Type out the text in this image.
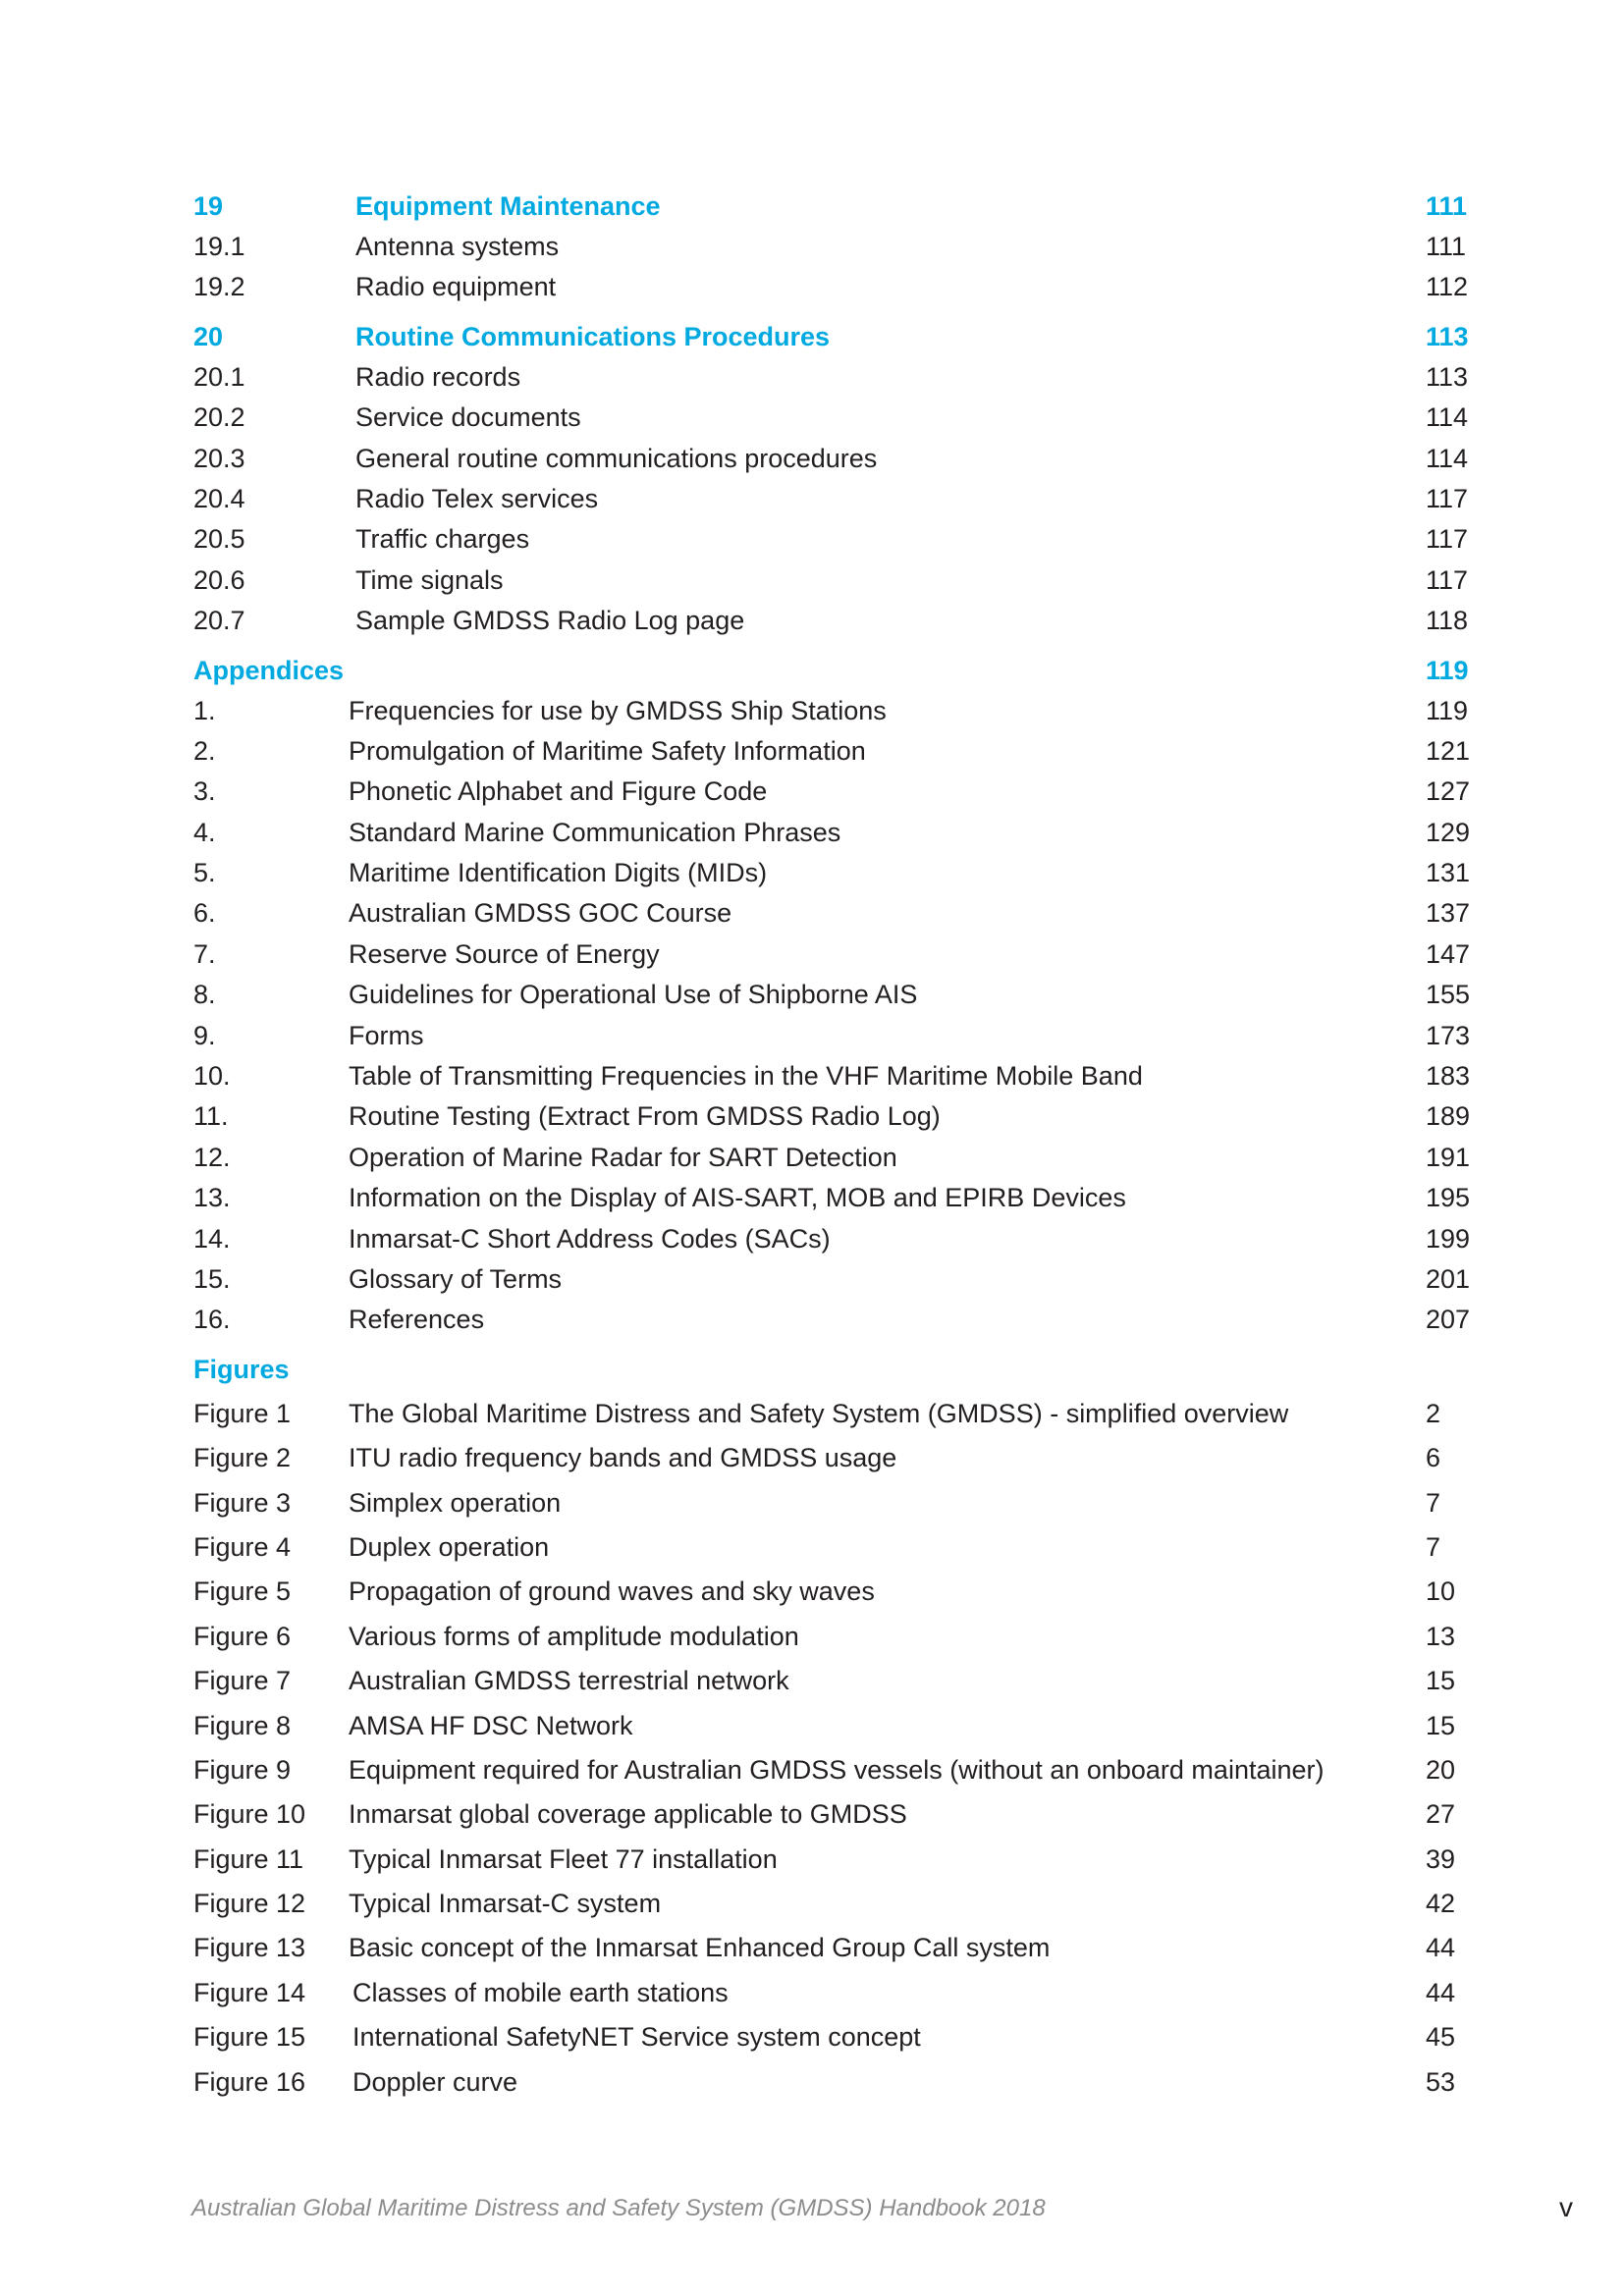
19	Equipment Maintenance	111
19.1	Antenna systems	111
19.2	Radio equipment	112
20	Routine Communications Procedures	113
20.1	Radio records	113
20.2	Service documents	114
20.3	General routine communications procedures	114
20.4	Radio Telex services	117
20.5	Traffic charges	117
20.6	Time signals	117
20.7	Sample GMDSS Radio Log page	118
Appendices	119
1.	Frequencies for use by GMDSS Ship Stations	119
2.	Promulgation of Maritime Safety Information	121
3.	Phonetic Alphabet and Figure Code	127
4.	Standard Marine Communication Phrases	129
5.	Maritime Identification Digits (MIDs)	131
6.	Australian GMDSS GOC Course	137
7.	Reserve Source of Energy	147
8.	Guidelines for Operational Use of Shipborne AIS	155
9.	Forms	173
10.	Table of Transmitting Frequencies in the VHF Maritime Mobile Band	183
11.	Routine Testing (Extract From GMDSS Radio Log)	189
12.	Operation of Marine Radar for SART Detection	191
13.	Information on the Display of AIS-SART, MOB and EPIRB Devices	195
14.	Inmarsat-C Short Address Codes (SACs)	199
15.	Glossary of Terms	201
16.	References	207
Figures
Figure 1	The Global Maritime Distress and Safety System (GMDSS) - simplified overview	2
Figure 2	ITU radio frequency bands and GMDSS usage	6
Figure 3	Simplex operation	7
Figure 4	Duplex operation	7
Figure 5	Propagation of ground waves and sky waves	10
Figure 6	Various forms of amplitude modulation	13
Figure 7	Australian GMDSS terrestrial network	15
Figure 8	AMSA HF DSC Network	15
Figure 9	Equipment required for Australian GMDSS vessels (without an onboard maintainer)	20
Figure 10	Inmarsat global coverage applicable to GMDSS	27
Figure 11	Typical Inmarsat Fleet 77 installation	39
Figure 12	Typical Inmarsat-C system	42
Figure 13	Basic concept of the Inmarsat Enhanced Group Call system	44
Figure 14	Classes of mobile earth stations	44
Figure 15	International SafetyNET Service system concept	45
Figure 16	Doppler curve	53
Australian Global Maritime Distress and Safety System (GMDSS) Handbook 2018	v
